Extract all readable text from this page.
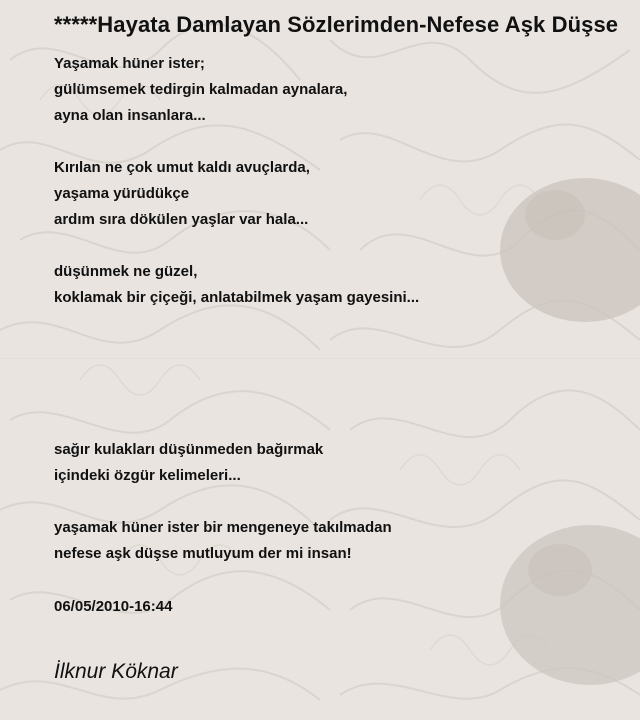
*****Hayata Damlayan Sözlerimden-Nefese Aşk Düşse

Yaşamak hüner ister;

gülümsemek tedirgin kalmadan aynalara,

ayna olan insanlara...

Kırılan ne çok umut kaldı avuçlarda,

yaşama yürüdükçe

ardım sıra dökülen yaşlar var hala...

düşünmek ne güzel,

koklamak bir çiçeği, anlatabilmek yaşam gayesini...

sağır kulakları düşünmeden bağırmak

içindeki özgür kelimeleri...

yaşamak hüner ister bir mengeneye takılmadan

nefese aşk düşse mutluyum der mi insan!

06/05/2010-16:44

İlknur Köknar
